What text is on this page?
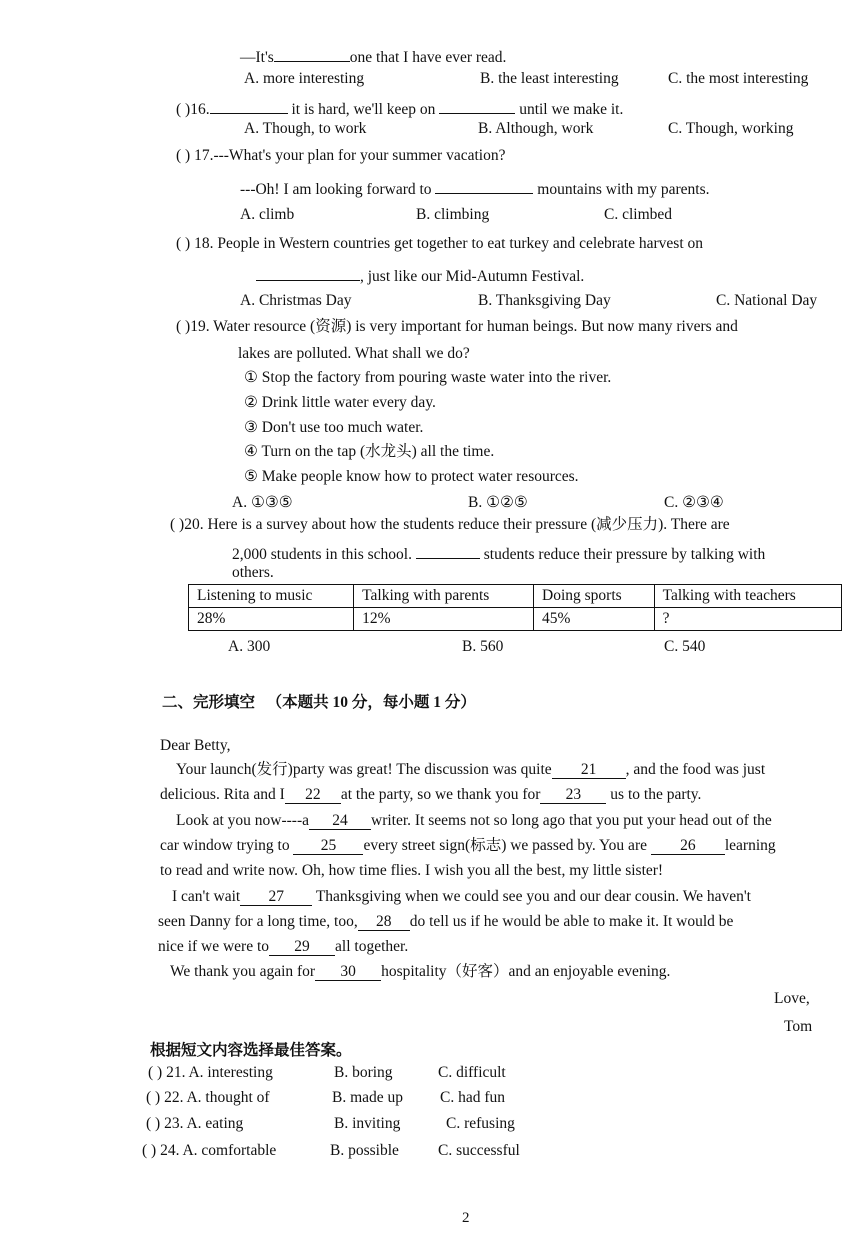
—It's	one that I have ever read.
A. more interesting	B. the least interesting	C. the most interesting
( )16.	it is hard, we'll keep on	until we make it.
A. Though, to work	B. Although, work	C. Though, working
( ) 17.---What's your plan for your summer vacation?
---Oh! I am looking forward to	mountains with my parents.
A. climb	B. climbing	C. climbed
( ) 18. People in Western countries get together to eat turkey and celebrate harvest on
, just like our Mid-Autumn Festival.
A. Christmas Day	B. Thanksgiving Day	C. National Day
( )19. Water resource (资源) is very important for human beings. But now many rivers and
lakes are polluted. What shall we do?
① Stop the factory from pouring waste water into the river.
② Drink little water every day.
③ Don't use too much water.
④ Turn on the tap (水龙头) all the time.
⑤ Make people know how to protect water resources.
A. ①③⑤	B. ①②⑤	C. ②③④
( )20. Here is a survey about how the students reduce their pressure (减少压力). There are
2,000 students in this school.	students reduce their pressure by talking with
others.
Listening to music	Talking with parents	Doing sports	Talking with teachers
28%	12%	45%	?
A. 300	B. 560	C. 540
二、完形填空 （本题共 10 分，每小题 1 分）
Dear Betty,
Your launch(发行)party was great! The discussion was quite 21 , and the food was just
delicious. Rita and I 22 at the party, so we thank you for 23 us to the party.
Look at you now----a 24 writer. It seems not so long ago that you put your head out of the
car window trying to 25 every street sign(标志) we passed by. You are 26 learning
to read and write now. Oh, how time flies. I wish you all the best, my little sister!
I can't wait 27 Thanksgiving when we could see you and our dear cousin. We haven't
seen Danny for a long time, too, 28 do tell us if he would be able to make it. It would be
nice if we were to 29 all together.
We thank you again for 30 hospitality（好客）and an enjoyable evening.
Love,
Tom
根据短文内容选择最佳答案。
( ) 21. A. interesting	B. boring	C. difficult
( ) 22. A. thought of	B. made up C. had fun
( ) 23. A. eating	B. inviting	C. refusing
( ) 24. A. comfortable	B. possible	C. successful
2
